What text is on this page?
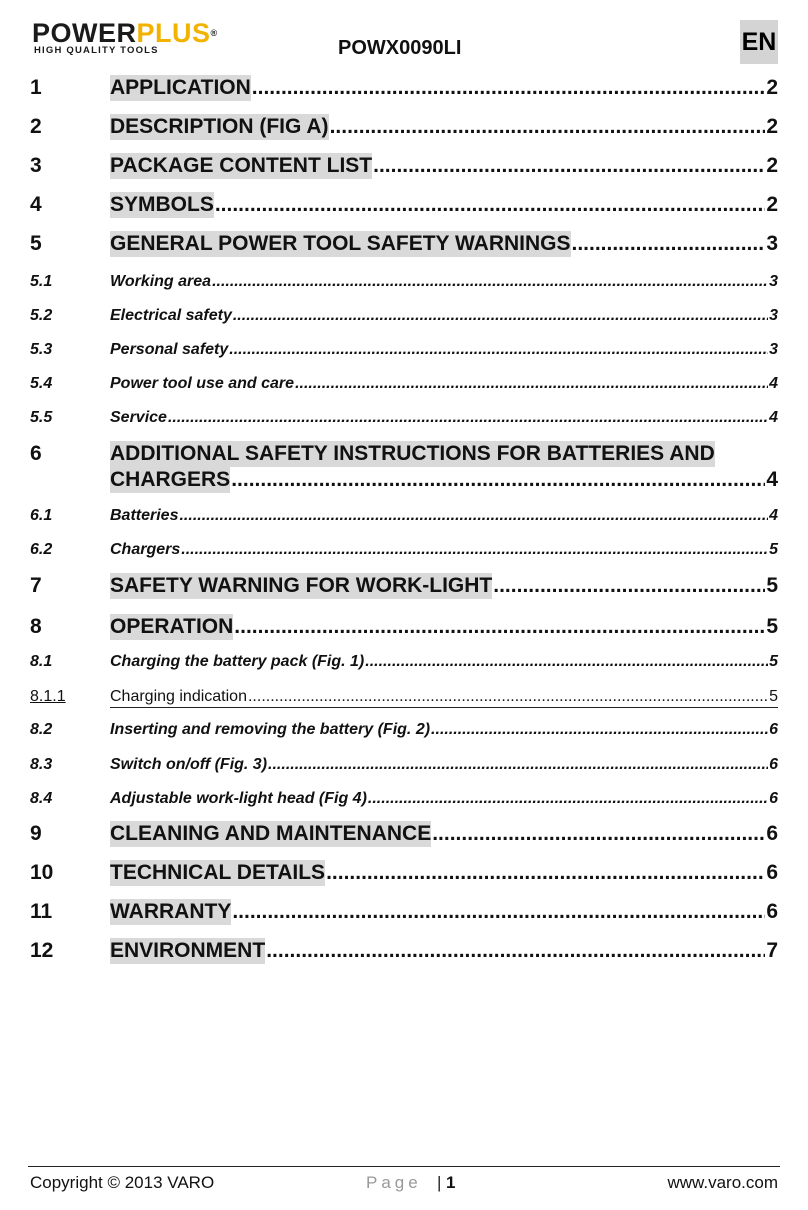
POWERPLUS®
HIGH QUALITY TOOLS	POWX0090LI	EN
1	APPLICATION .....	2
2	DESCRIPTION (FIG A) .....	2
3	PACKAGE CONTENT LIST .....	2
4	SYMBOLS .....	2
5	GENERAL POWER TOOL SAFETY WARNINGS .....	3
5.1	Working area .....	3
5.2	Electrical safety .....	3
5.3	Personal safety .....	3
5.4	Power tool use and care .....	4
5.5	Service .....	4
6	ADDITIONAL SAFETY INSTRUCTIONS FOR BATTERIES AND
CHARGERS .....	4
6.1	Batteries .....	4
6.2	Chargers .....	5
7	SAFETY WARNING FOR WORK-LIGHT .....	5
8	OPERATION .....	5
8.1	Charging the battery pack (Fig. 1) .....	5
8.1.1	Charging indication .....	5
8.2	Inserting and removing the battery (Fig. 2) .....	6
8.3	Switch on/off (Fig. 3) .....	6
8.4	Adjustable work-light head (Fig 4) .....	6
9	CLEANING AND MAINTENANCE .....	6
10	TECHNICAL DETAILS .....	6
11	WARRANTY .....	6
12	ENVIRONMENT .....	7
Copyright © 2013 VARO	Page | 1	www.varo.com
